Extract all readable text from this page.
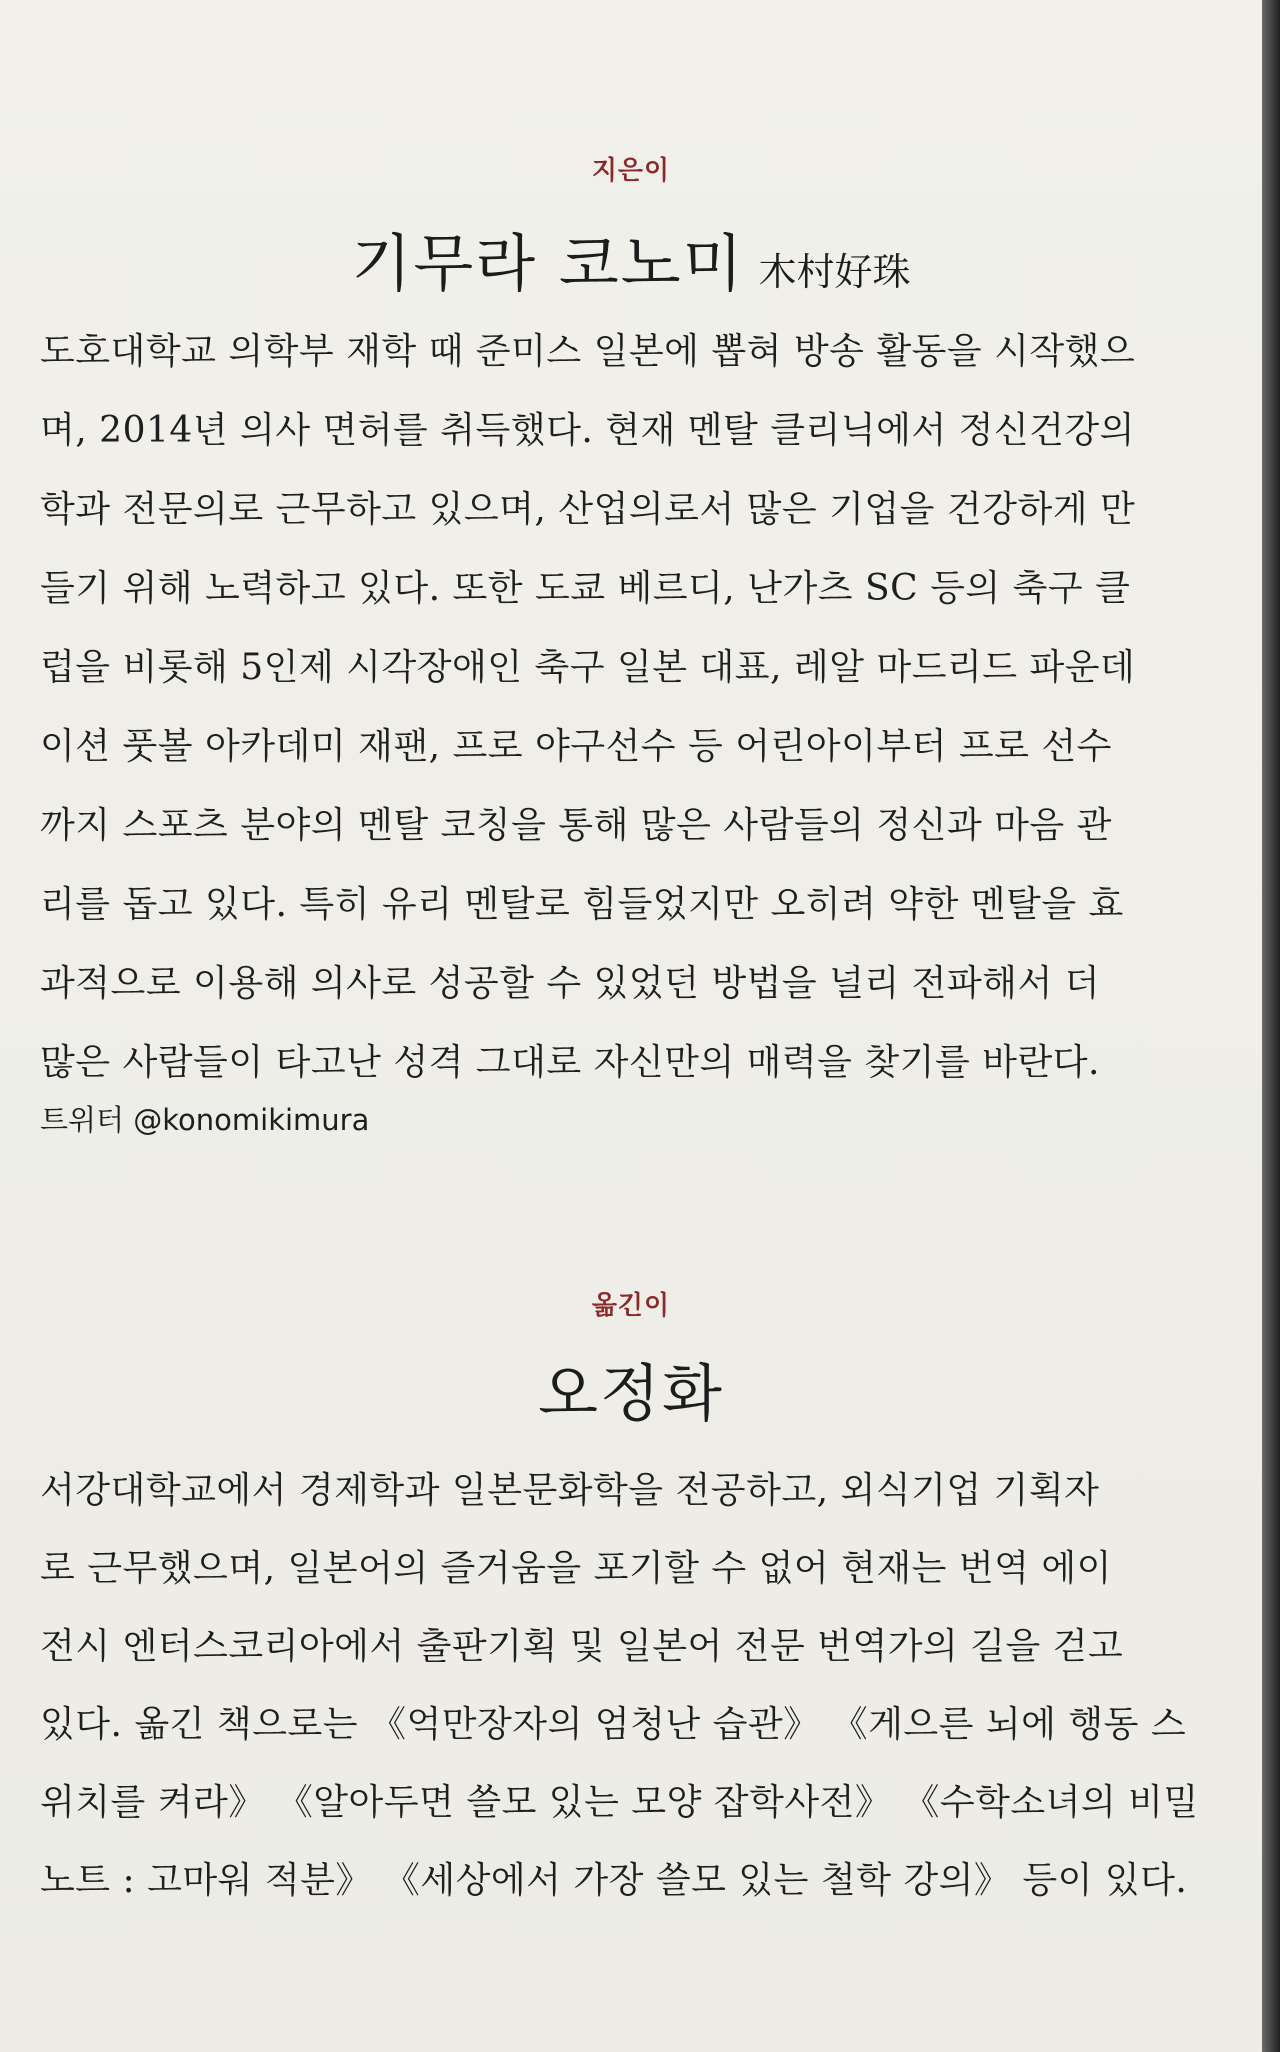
지은이
기무라 코노미 木村好珠
도호대학교 의학부 재학 때 준미스 일본에 뽑혀 방송 활동을 시작했으
며, 2014년 의사 면허를 취득했다. 현재 멘탈 클리닉에서 정신건강의
학과 전문의로 근무하고 있으며, 산업의로서 많은 기업을 건강하게 만
들기 위해 노력하고 있다. 또한 도쿄 베르디, 난가츠 SC 등의 축구 클
럽을 비롯해 5인제 시각장애인 축구 일본 대표, 레알 마드리드 파운데
이션 풋볼 아카데미 재팬, 프로 야구선수 등 어린아이부터 프로 선수
까지 스포츠 분야의 멘탈 코칭을 통해 많은 사람들의 정신과 마음 관
리를 돕고 있다. 특히 유리 멘탈로 힘들었지만 오히려 약한 멘탈을 효
과적으로 이용해 의사로 성공할 수 있었던 방법을 널리 전파해서 더
많은 사람들이 타고난 성격 그대로 자신만의 매력을 찾기를 바란다.
트위터 @konomikimura
옮긴이
오정화
서강대학교에서 경제학과 일본문화학을 전공하고, 외식기업 기획자
로 근무했으며, 일본어의 즐거움을 포기할 수 없어 현재는 번역 에이
전시 엔터스코리아에서 출판기획 및 일본어 전문 번역가의 길을 걷고
있다. 옮긴 책으로는 《억만장자의 엄청난 습관》 《게으른 뇌에 행동 스
위치를 켜라》 《알아두면 쓸모 있는 모양 잡학사전》 《수학소녀의 비밀
노트 : 고마워 적분》 《세상에서 가장 쓸모 있는 철학 강의》 등이 있다.
